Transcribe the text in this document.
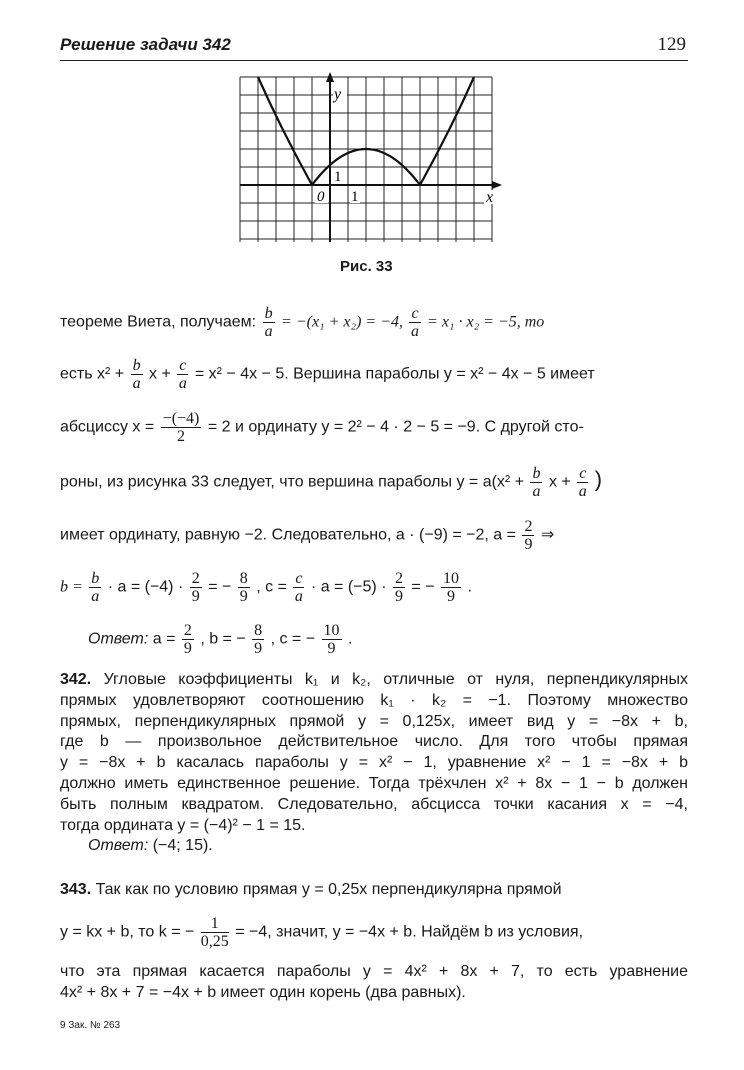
Решение задачи 342	129
y
x
0 1
1
Рис. 33
теореме Виета, получаем: $\frac{b}{a} = -(x_1 + x_2) = -4$, $\frac{c}{a} = x_1 \cdot x_2 = -5$, то
есть $x^2 + \frac{b}{a}$ $x + \frac{c}{a} = x^2 - 4x - 5$. Вершина параболы y = x² − 4x − 5 имеет
абсциссу $x = \frac{-(-4)}{2} = 2$ и ординату y = 2² − 4 · 2 − 5 = −9. С другой сто-
роны, из рисунка 33 следует, что вершина параболы $y = a(x^2 + \frac{b}{a}$ $x + \frac{c}{a}$ )
имеет ординату, равную −2. Следовательно, a · (−9) = −2, $a = \frac{2}{9}$ ⇒
$b = \frac{b}{a} \cdot a = (-4) \cdot \frac{2}{9}$ = − $\frac{8}{9}$ , $c = \frac{c}{a} \cdot a = (-5) \cdot \frac{2}{9}$ = − $\frac{10}{9}$ .
Ответ: $a = \frac{2}{9}$ , b = − $\frac{8}{9}$ , c = − $\frac{10}{9}$ .
342. Угловые коэффициенты k₁ и k₂, отличные от нуля, перпендикулярных
прямых удовлетворяют соотношению k₁ · k₂ = −1. Поэтому множество
прямых, перпендикулярных прямой y = 0,125x, имеет вид y = −8x + b,
где b — произвольное действительное число. Для того чтобы прямая
y = −8x + b касалась параболы y = x² − 1, уравнение x² − 1 = −8x + b
должно иметь единственное решение. Тогда трёхчлен x² + 8x − 1 − b должен
быть полным квадратом. Следовательно, абсцисса точки касания x = −4,
тогда ордината y = (−4)² − 1 = 15.
Ответ: (−4; 15).
343. Так как по условию прямая y = 0,25x перпендикулярна прямой
y = kx + b, то k = − $\frac{1}{0,25} = -4$, значит, y = −4x + b. Найдём b из условия,
что эта прямая касается параболы y = 4x² + 8x + 7, то есть уравнение
4x² + 8x + 7 = −4x + b имеет один корень (два равных).
9 Зак. № 263
